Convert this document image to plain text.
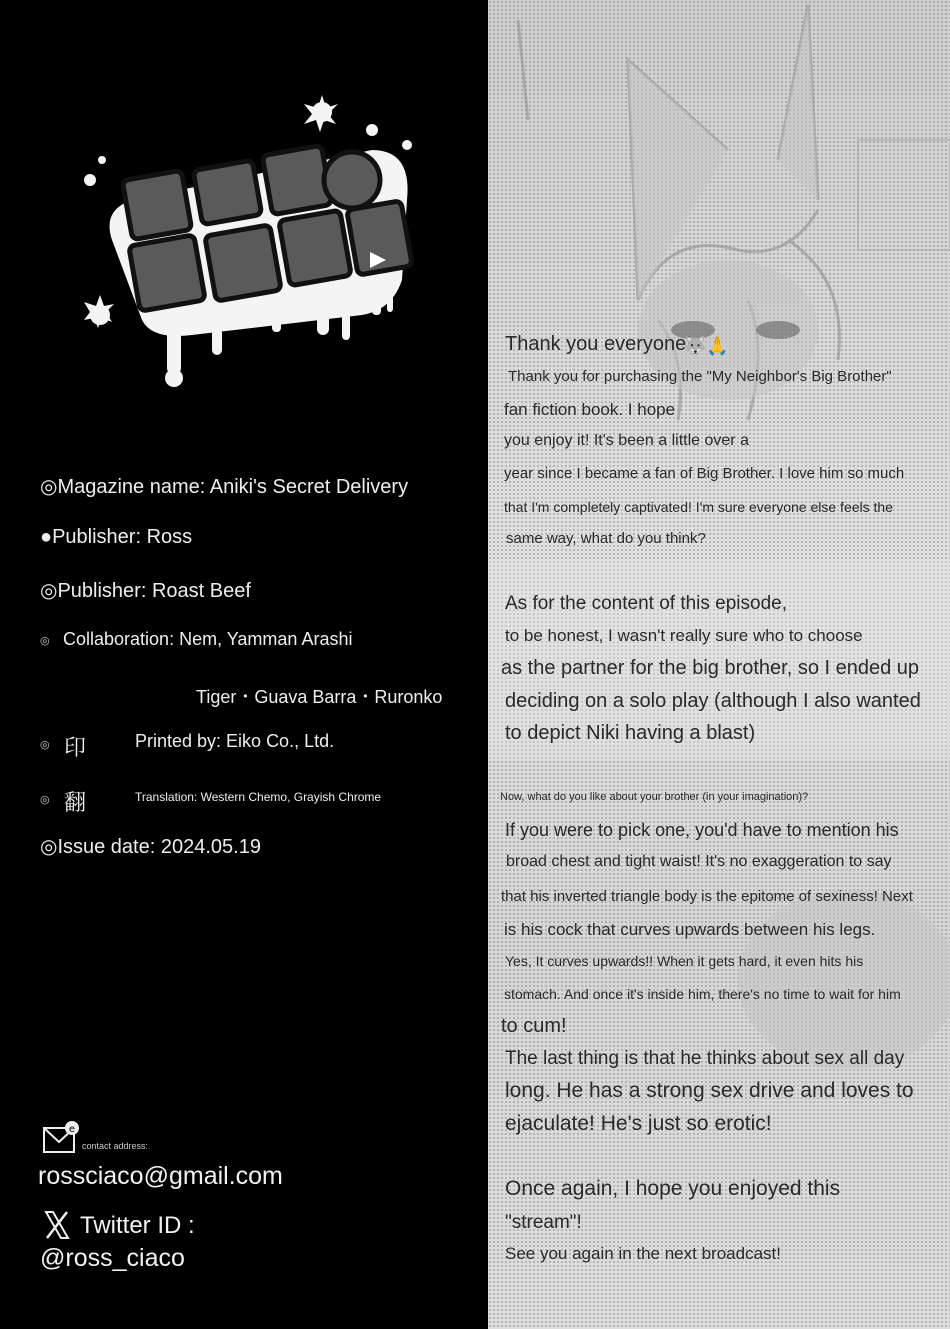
アニキの秘密配信
◎Magazine name: Aniki's Secret Delivery
●Publisher: Ross
◎Publisher: Roast Beef
◎ Collaboration: Nem, Yamman Arashi
Tiger・Guava Barra・Ruronko
◎ 印	Printed by: Eiko Co., Ltd.
◎ 翻	Translation: Western Chemo, Grayish Chrome
◎Issue date: 2024.05.19
e
contact address:
rossciaco@gmail.com
Twitter ID :
@ross_ciaco
Thank you everyone!
🐺🙏
Thank you for purchasing the "My Neighbor's Big Brother"
fan fiction book. I hope
you enjoy it! It's been a little over a
year since I became a fan of Big Brother. I love him so much
that I'm completely captivated! I'm sure everyone else feels the
same way, what do you think?
As for the content of this episode,
to be honest, I wasn't really sure who to choose
as the partner for the big brother, so I ended up
deciding on a solo play (although I also wanted
to depict Niki having a blast)
Now, what do you like about your brother (in your imagination)?
If you were to pick one, you'd have to mention his
broad chest and tight waist! It's no exaggeration to say
that his inverted triangle body is the epitome of sexiness! Next
is his cock that curves upwards between his legs.
Yes, It curves upwards!! When it gets hard, it even hits his
stomach. And once it's inside him, there's no time to wait for him
to cum!
The last thing is that he thinks about sex all day
long. He has a strong sex drive and loves to
ejaculate! He's just so erotic!
Once again, I hope you enjoyed this
"stream"!
See you again in the next broadcast!
